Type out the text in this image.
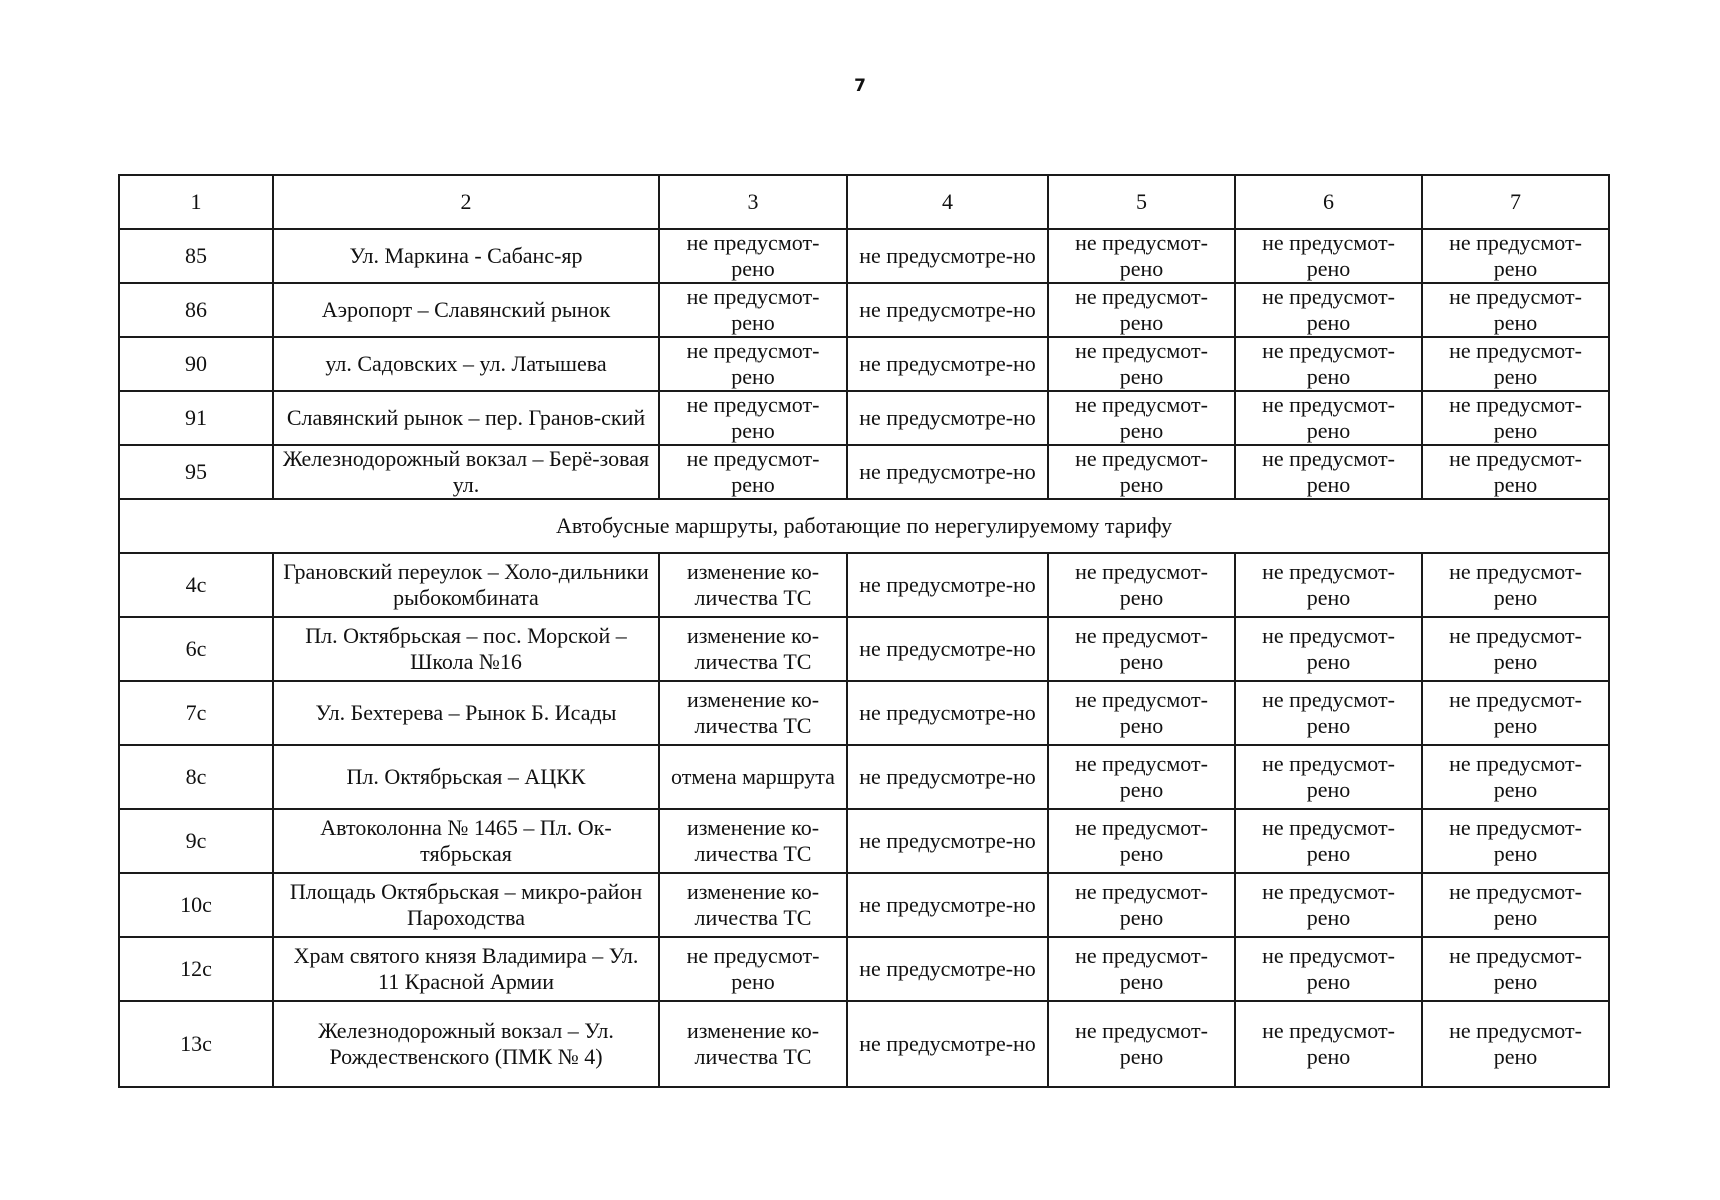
7
1	2	3	4	5	6	7
85	Ул. Маркина - Сабанс-яр	не предусмот-рено	не предусмотре-но	не предусмот-рено	не предусмот-рено	не предусмот-рено
86	Аэропорт – Славянский рынок	не предусмот-рено	не предусмотре-но	не предусмот-рено	не предусмот-рено	не предусмот-рено
90	ул. Садовских – ул. Латышева	не предусмот-рено	не предусмотре-но	не предусмот-рено	не предусмот-рено	не предусмот-рено
91	Славянский рынок – пер. Гранов-ский	не предусмот-рено	не предусмотре-но	не предусмот-рено	не предусмот-рено	не предусмот-рено
95	Железнодорожный вокзал – Берё-зовая ул.	не предусмот-рено	не предусмотре-но	не предусмот-рено	не предусмот-рено	не предусмот-рено
Автобусные маршруты, работающие по нерегулируемому тарифу						
4с	Грановский переулок – Холо-дильники рыбокомбината	изменение ко-личества ТС	не предусмотре-но	не предусмот-рено	не предусмот-рено	не предусмот-рено
6с	Пл. Октябрьская – пос. Морской – Школа №16	изменение ко-личества ТС	не предусмотре-но	не предусмот-рено	не предусмот-рено	не предусмот-рено
7с	Ул. Бехтерева – Рынок Б. Исады	изменение ко-личества ТС	не предусмотре-но	не предусмот-рено	не предусмот-рено	не предусмот-рено
8с	Пл. Октябрьская – АЦКК	отмена маршрута	не предусмотре-но	не предусмот-рено	не предусмот-рено	не предусмот-рено
9с	Автоколонна № 1465 – Пл. Ок-тябрьская	изменение ко-личества ТС	не предусмотре-но	не предусмот-рено	не предусмот-рено	не предусмот-рено
10с	Площадь Октябрьская – микро-район Пароходства	изменение ко-личества ТС	не предусмотре-но	не предусмот-рено	не предусмот-рено	не предусмот-рено
12с	Храм святого князя Владимира – Ул. 11 Красной Армии	не предусмот-рено	не предусмотре-но	не предусмот-рено	не предусмот-рено	не предусмот-рено
13с	Железнодорожный вокзал – Ул. Рождественского (ПМК № 4)	изменение ко-личества ТС	не предусмотре-но	не предусмот-рено	не предусмот-рено	не предусмот-рено
